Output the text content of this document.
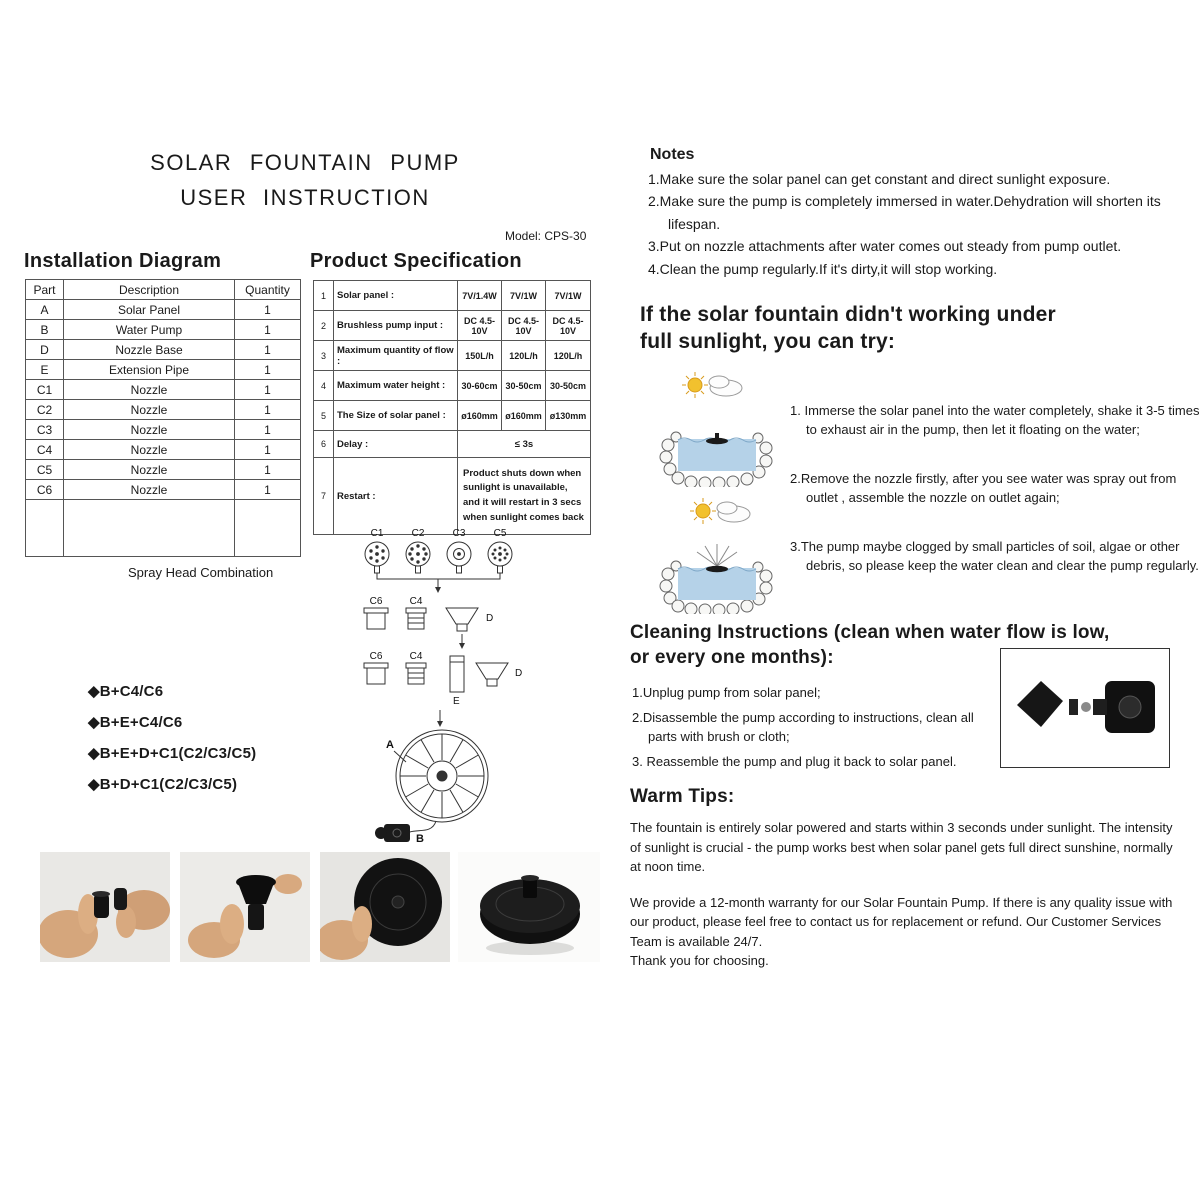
SOLAR FOUNTAIN PUMP
USER INSTRUCTION
Model: CPS-30
Installation Diagram
Part	Description	Quantity
A	Solar Panel	1
B	Water Pump	1
D	Nozzle Base	1
E	Extension Pipe	1
C1	Nozzle	1
C2	Nozzle	1
C3	Nozzle	1
C4	Nozzle	1
C5	Nozzle	1
C6	Nozzle	1

Spray Head Combination
◆B+C4/C6
◆B+E+C4/C6
◆B+E+D+C1(C2/C3/C5)
◆B+D+C1(C2/C3/C5)
Product Specification
1	Solar panel :	7V/1.4W	7V/1W	7V/1W
2	Brushless pump input :	DC 4.5-10V	DC 4.5-10V	DC 4.5-10V
3	Maximum quantity of flow :	150L/h	120L/h	120L/h
4	Maximum water height :	30-60cm	30-50cm	30-50cm
5	The Size of solar panel :	ø160mm	ø160mm	ø130mm
6	Delay :	≤ 3s		
7	Restart :	Product shuts down when sunlight is unavailable, and it will restart in 3 secs when sunlight comes back		
C1	C2	C3	C5
C6	C4
D
C6	C4
E
D
A
B
Notes
1.Make sure the solar panel can get constant and direct sunlight exposure.
2.Make sure the pump is completely immersed in water.Dehydration will shorten its lifespan.
3.Put on nozzle attachments after water comes out steady from pump outlet.
4.Clean the pump regularly.If it's dirty,it will stop working.
If the solar fountain didn't working under
full sunlight, you can try:
1. Immerse the solar panel into the water completely, shake it 3-5 times to exhaust air in the pump, then let it floating on the water;
2.Remove the nozzle firstly, after you see water was spray out from outlet , assemble the nozzle on outlet again;
3.The pump maybe clogged by small particles of soil, algae or other debris, so please keep the water clean and clear the pump regularly.
Cleaning Instructions (clean when water flow is low,
or every one months):
1.Unplug pump from solar panel;
2.Disassemble the pump according to instructions, clean all parts with brush or cloth;
3. Reassemble the pump and plug it back to solar panel.
Warm Tips:
The fountain is entirely solar powered and starts within 3 seconds under sunlight. The intensity of sunlight is crucial - the pump works best when solar panel gets full direct sunshine, normally at noon time.
We provide a 12-month warranty for our Solar Fountain Pump. If there is any quality issue with our product, please feel free to contact us for replacement or refund. Our Customer Services Team is available 24/7.
Thank you for choosing.
